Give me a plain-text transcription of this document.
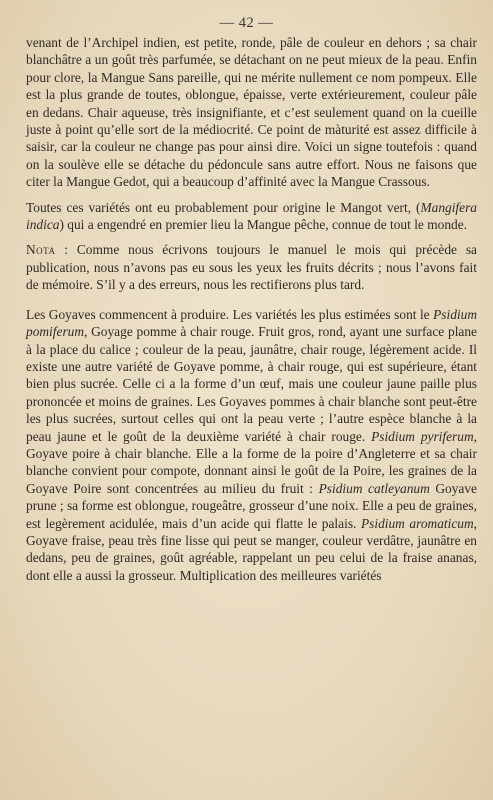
— 42 —

venant de l’Archipel indien, est petite, ronde, pâle de couleur en dehors ; sa chair blanchâtre a un goût très parfumée, se détachant on ne peut mieux de la peau. Enfin pour clore, la Mangue Sans pareille, qui ne mérite nullement ce nom pompeux. Elle est la plus grande de toutes, oblongue, épaisse, verte extérieurement, couleur pâle en dedans. Chair aqueuse, très insignifiante, et c’est seulement quand on la cueille juste à point qu’elle sort de la médiocrité. Ce point de màturité est assez difficile à saisir, car la couleur ne change pas pour ainsi dire. Voici un signe toutefois : quand on la soulève elle se détache du pédoncule sans autre effort. Nous ne faisons que citer la Mangue Gedot, qui a beaucoup d’affinité avec la Mangue Crassous.

Toutes ces variétés ont eu probablement pour origine le Mangot vert, (Mangifera indica) qui a engendré en premier lieu la Mangue pêche, connue de tout le monde.

Nota : Comme nous écrivons toujours le manuel le mois qui précède sa publication, nous n’avons pas eu sous les yeux les fruits décrits ; nous l’avons fait de mémoire. S’il y a des erreurs, nous les rectifierons plus tard.

Les Goyaves commencent à produire. Les variétés les plus estimées sont le Psidium pomiferum, Goyage pomme à chair rouge. Fruit gros, rond, ayant une surface plane à la place du calice ; couleur de la peau, jaunâtre, chair rouge, légèrement acide. Il existe une autre variété de Goyave pomme, à chair rouge, qui est supérieure, étant bien plus sucrée. Celle ci a la forme d’un œuf, mais une couleur jaune paille plus prononcée et moins de graines. Les Goyaves pommes à chair blanche sont peut-être les plus sucrées, surtout celles qui ont la peau verte ; l’autre espèce blanche à la peau jaune et le goût de la deuxième variété à chair rouge. Psidium pyriferum, Goyave poire à chair blanche. Elle a la forme de la poire d’Angleterre et sa chair blanche convient pour compote, donnant ainsi le goût de la Poire, les graines de la Goyave Poire sont concentrées au milieu du fruit : Psidium catleyanum Goyave prune ; sa forme est oblongue, rougeâtre, grosseur d’une noix. Elle a peu de graines, est legèrement acidulée, mais d’un acide qui flatte le palais. Psidium aromaticum, Goyave fraise, peau très fine lisse qui peut se manger, couleur verdâtre, jaunâtre en dedans, peu de graines, goût agréable, rappelant un peu celui de la fraise ananas, dont elle a aussi la grosseur. Multiplication des meilleures variétés
